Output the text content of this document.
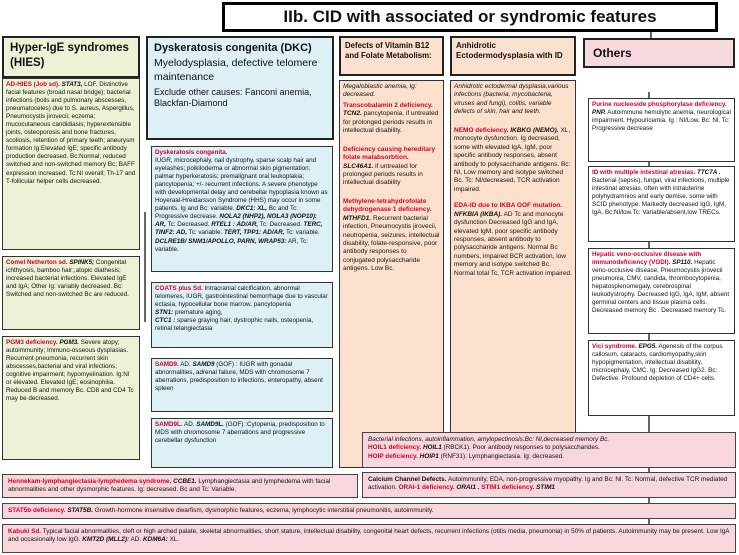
IIb. CID with associated or syndromic features
Hyper-IgE syndromes (HIES)
AD-HIES (Job sd). STAT3, LOF. Distinctive facial features (broad nasal bridge); bacterial infections (boils and pulmonary abscesses, pneumatoceles) due to S. aureus, Aspergillus, Pneumocystis jirovecii; eczema; mucocutaneous candidiasis; hyperextensible joints, osteoporosis and bone fractures, scoliosis, retention of primary teeth; aneurysm formation Ig:Elevated IgE; specific antibody production decreased. Bc:Normal; reduced switched and non-switched memory Bc; BAFF expression increased. Tc:Nl overall; Th-17 and T-follicular helper cells decreased.
Comel Netherton sd. SPINK5; Congenital ichthyosis, bamboo hair;,atopic diathesis; increased bacterial infections. Elevated IgE and IgA; Other Ig: variably decreased. Bc: Switched and non-switched Bc are reduced.
PGM3 deficiency. PGM3. Severe atopy; autoimmunity; Immuno-osseous dysplasias. Recurrent pneumonia, recurrent skin abscesses,bacterial and viral infections; cognitive impairment; hypomyelination. Ig:Nl or elevated. Elevated IgE; eosinophilia. Reduced B and memory Bc. CD8 and CD4 Tc may be decreased.
Dyskeratosis congenita (DKC)
Myelodysplasia, defective telomere maintenance
Exclude other causes: Fanconi anemia, Blackfan-Diamond
Dyskeratosis congenita.
IUGR, microcephaly, nail dystrophy, sparse scalp hair and eyelashes; poikiloderma or abnormal skin pigmentation; palmar hyperkeratosis; premalignant oral leukoplakia; pancytopenia; +/- recurrent infections. A severe phenotype with developmental delay and cerebellar hypoplasia known as Hoyeraal-Hreidarsson Syndrome (HHS) may occur in some patients. Ig and Bc: variable. DKC1: XL, Bc and Tc: Progressive decrease. NOLA2 (NHP2), NOLA3 (NOP10): AR, Tc: Decreased. RTEL1 : AD/AR, Tc: Decreased. TERC, TINF2: AD, Tc: variable. TERT, TPP1: AD/AR, Tc: variable. DCLRE1B/ SNM1/APOLLO, PARN, WRAP53: AR, Tc: variable.
COATS plus Sd. Intracranial calcification, abnormal telomeres, IUGR, gastrointestinal hemorrhage due to vascular ectasia, hypocellular bone marrow. pancytopenia
STN1: premature aging,
CTC1 : sparse graying hair, dystrophic nails, osteopenia, retinal telangiectasia
SAMD9. AD. SAMD9 (GOF) : IUGR with gonadal abnormalities, adrenal failure, MDS with chromosome 7 aberrations, predisposition to infections, enteropathy, absent spleen
SAMD9L. AD. SAMD9L. (GOF) :Cytopenia, predisposition to MDS with chromosome 7 aberrations and progressive cerebellar dysfunction
Defects of Vitamin B12 and Folate Metabolism:
Megaloblastic anemia, Ig: decreased.
Transcobalamin 2 deficiency. TCN2. pancytopenia, if untreated for prolonged periods results in intellectual disability.
Deficiency causing hereditary folate malabsorbtion. SLC46A1. if untreated for prolonged periods results in intellectual disability
Methylene-tetrahydrofolate dehydrogenase 1 deficiency. MTHFD1. Recurrent bacterial infection, Pneumocystis jirovecii, neutropenia, seizures, intellectual disability, folate-responsive, poor antibody responses to conjugated polysaccharide antigens. Low Bc.
Anhidrotic Ectodermodysplasia with ID
Anhidrotic ectodermal dysplasia,various infections (bacteria, mycobacteria, viruses and fungi), colitis, variable defects of skin, hair and teeth.
NEMO deficiency. IKBKG (NEMO). XL, monocyte dysfunction. Ig decreased, some with elevated IgA, IgM, poor specific antibody responses, absent antibody to polysaccharide antigens. Bc: Nl, Low memory and isotype switched Bc. Tc: Nl/decreased, TCR activation impaired.
EDA-ID due to IKBA GOF mutation. NFKBIA (IKBA). AD Tc and monocyte dysfunction Decreased IgG and IgA, elevated IgM, poor specific antibody responses, absent antibody to polysaccharide antigens. Normal Bc numbers, impaired BCR activation, low memory and isotype switched Bc. Normal total Tc, TCR activation impaired.
Others
Purine nucleoside phosphorylase deficiency. PNP. Autoimmune hemolytic anemia, neurological impairment. Hypouricemia. Ig : Nl/Low. Bc: Nl. Tc: Progressive decrease
ID with multiple intestinal atresias. TTC7A . Bacterial (sepsis), fungal, viral infections, multiple intestinal atresias, often with intrauterine polyhydramnios and early demise, some with SCID phenotype. Markedly decreased IgG, IgM, IgA. Bc:Nl/low.Tc: Variable/absent,low TRECs.
Hepatic veno-occlusive disease with immunodeficiency (VODI). SP110. Hepatic veno-occlusive disease, Pneumocystis jirovecii pneumonia, CMV, candida, thrombocytopenia, hepatosplenomegaly, cerebrospinal leukodystrophy. Decreased IgG, IgA, IgM, absent germinal centers and tissue plasma cells. Decreased memory Bc . Decreased memory Tc.
Vici syndrome. EPG5. Agenesis of the corpus callosum, cataracts, cardiomyopathy,skin hypopigmentation, intellectual disability, microcephaly, CMC. Ig: Decreased IgG2. Bc: Defective. Profound depletion of CD4+ cells.
Bacterial infections, autoinflammation, amylopectinosis.Bc: Nl,decreased memory Bc.
HOIL1 deficiency. HOIL1 (RBCK1). Poor antibody responses to polysaccharides.
HOIP deficiency. HOIP1 (RNF31). Lymphangiectasia. Ig: decreased.
Calcium Channel Defects. Autoimmunity, EDA, non-progressive myopathy. Ig and Bc: Nl. Tc: Normal, defective TCR mediated activation. ORAI-1 deficiency. ORAI1 . STIM1 deficiency. STIM1
Hennekam-lymphangiectasia-lymphedema syndrome. CCBE1. Lymphangiectasia and lymphedema with facial abnormalities and other dysmorphic features. Ig: decreased. Bc and Tc: Variable.
STAT5b deficiency. STAT5B. Growth-hormone insensitive dwarfism, dysmorphic features, eczema, lymphocytic interstitial pneumonitis, autoimmunity.
Kabuki Sd. Typical facial abnormalities, cleft or high arched palate, skeletal abnormalities, short stature, intellectual disability, congenital heart defects, recurrent infections (otitis media, pneumonia) in 50% of patients. Autoimmunity may be present. Low IgA and occasionally low IgG. KMT2D (MLL2): AD. KDM6A: XL.
